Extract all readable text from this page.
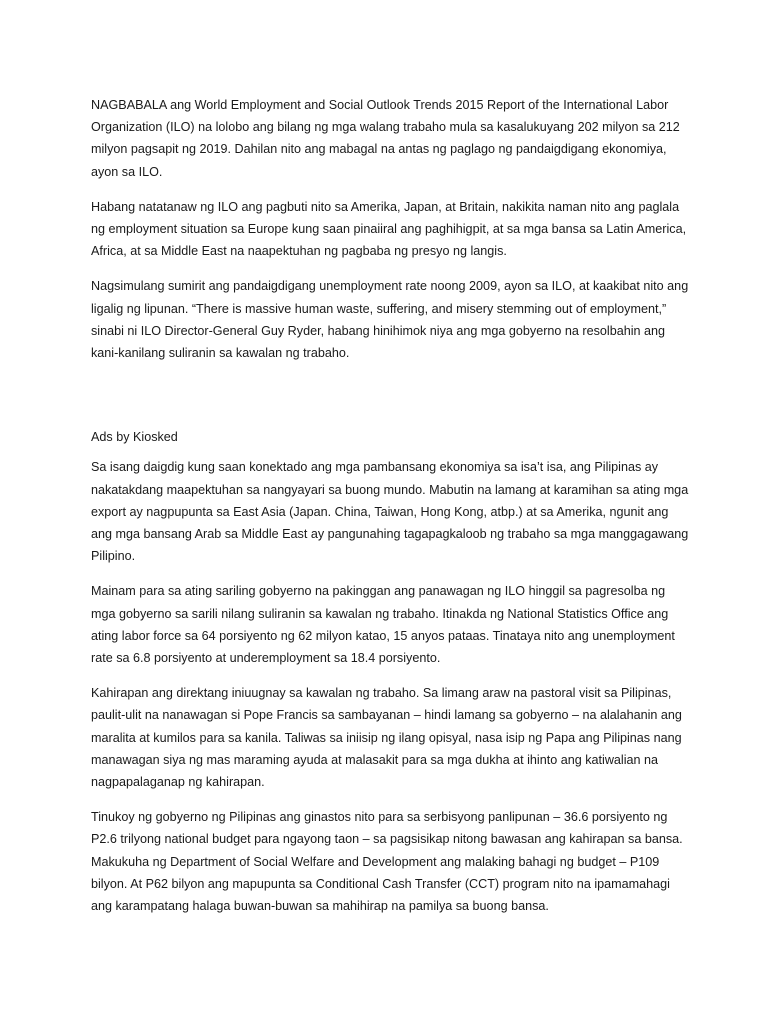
NAGBABALA ang World Employment and Social Outlook Trends 2015 Report of the International Labor Organization (ILO) na lolobo ang bilang ng mga walang trabaho mula sa kasalukuyang 202 milyon sa 212 milyon pagsapit ng 2019. Dahilan nito ang mabagal na antas ng paglago ng pandaigdigang ekonomiya, ayon sa ILO.

Habang natatanaw ng ILO ang pagbuti nito sa Amerika, Japan, at Britain, nakikita naman nito ang paglala ng employment situation sa Europe kung saan pinaiiral ang paghihigpit, at sa mga bansa sa Latin America, Africa, at sa Middle East na naapektuhan ng pagbaba ng presyo ng langis.

Nagsimulang sumirit ang pandaigdigang unemployment rate noong 2009, ayon sa ILO, at kaakibat nito ang ligalig ng lipunan. “There is massive human waste, suffering, and misery stemming out of employment,” sinabi ni ILO Director-General Guy Ryder, habang hinihimok niya ang mga gobyerno na resolbahin ang kani-kanilang suliranin sa kawalan ng trabaho.

Ads by Kiosked

Sa isang daigdig kung saan konektado ang mga pambansang ekonomiya sa isa’t isa, ang Pilipinas ay nakatakdang maapektuhan sa nangyayari sa buong mundo. Mabutin na lamang at karamihan sa ating mga export ay nagpupunta sa East Asia (Japan. China, Taiwan, Hong Kong, atbp.) at sa Amerika, ngunit ang ang mga bansang Arab sa Middle East ay pangunahing tagapagkaloob ng trabaho sa mga manggagawang Pilipino.

Mainam para sa ating sariling gobyerno na pakinggan ang panawagan ng ILO hinggil sa pagresolba ng mga gobyerno sa sarili nilang suliranin sa kawalan ng trabaho. Itinakda ng National Statistics Office ang ating labor force sa 64 porsiyento ng 62 milyon katao, 15 anyos pataas. Tinataya nito ang unemployment rate sa 6.8 porsiyento at underemployment sa 18.4 porsiyento.

Kahirapan ang direktang iniuugnay sa kawalan ng trabaho. Sa limang araw na pastoral visit sa Pilipinas, paulit-ulit na nanawagan si Pope Francis sa sambayanan – hindi lamang sa gobyerno – na alalahanin ang maralita at kumilos para sa kanila. Taliwas sa iniisip ng ilang opisyal, nasa isip ng Papa ang Pilipinas nang manawagan siya ng mas maraming ayuda at malasakit para sa mga dukha at ihinto ang katiwalian na nagpapalaganap ng kahirapan.

Tinukoy ng gobyerno ng Pilipinas ang ginastos nito para sa serbisyong panlipunan – 36.6 porsiyento ng P2.6 trilyong national budget para ngayong taon – sa pagsisikap nitong bawasan ang kahirapan sa bansa. Makukuha ng Department of Social Welfare and Development ang malaking bahagi ng budget – P109 bilyon. At P62 bilyon ang mapupunta sa Conditional Cash Transfer (CCT) program nito na ipamamahagi ang karampatang halaga buwan-buwan sa mahihirap na pamilya sa buong bansa.
